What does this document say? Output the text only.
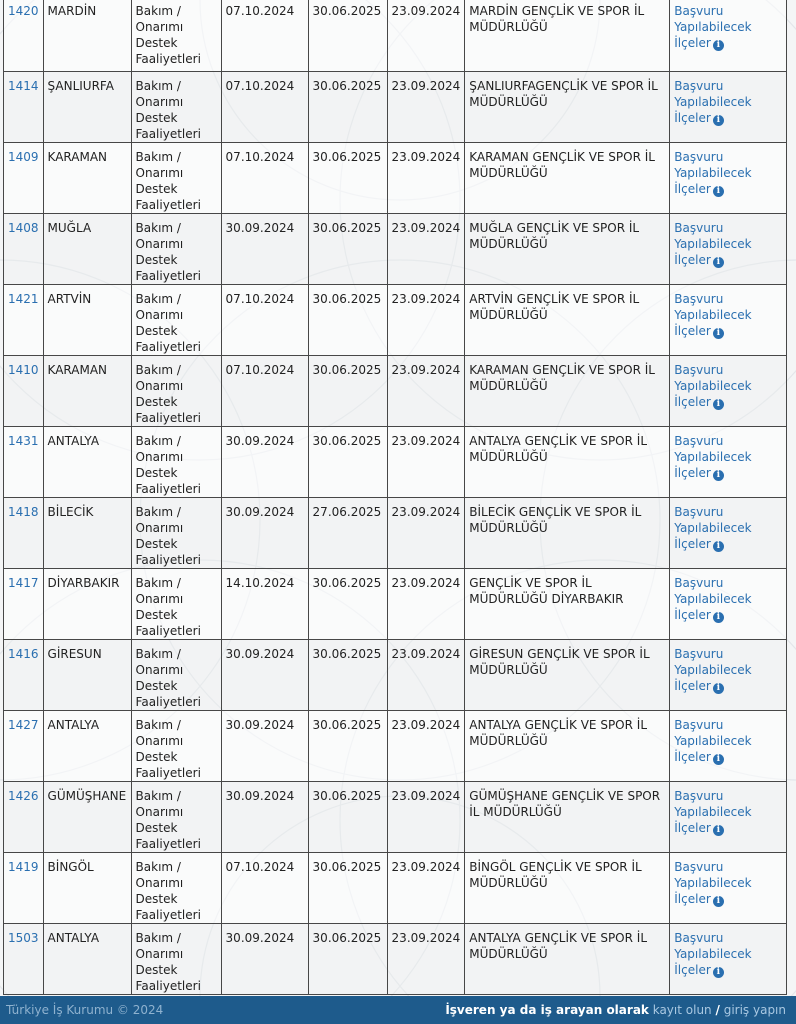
1420	MARDİN	Bakım / Onarımı Destek Faaliyetleri	07.10.2024	30.06.2025	23.09.2024	MARDİN GENÇLİK VE SPOR İL MÜDÜRLÜĞÜ	Başvuru Yapılabilecek İlçeler i
1414	ŞANLIURFA	Bakım / Onarımı Destek Faaliyetleri	07.10.2024	30.06.2025	23.09.2024	ŞANLIURFAGENÇLİK VE SPOR İL MÜDÜRLÜĞÜ	Başvuru Yapılabilecek İlçeler i
1409	KARAMAN	Bakım / Onarımı Destek Faaliyetleri	07.10.2024	30.06.2025	23.09.2024	KARAMAN GENÇLİK VE SPOR İL MÜDÜRLÜĞÜ	Başvuru Yapılabilecek İlçeler i
1408	MUĞLA	Bakım / Onarımı Destek Faaliyetleri	30.09.2024	30.06.2025	23.09.2024	MUĞLA GENÇLİK VE SPOR İL MÜDÜRLÜĞÜ	Başvuru Yapılabilecek İlçeler i
1421	ARTVİN	Bakım / Onarımı Destek Faaliyetleri	07.10.2024	30.06.2025	23.09.2024	ARTVİN GENÇLİK VE SPOR İL MÜDÜRLÜĞÜ	Başvuru Yapılabilecek İlçeler i
1410	KARAMAN	Bakım / Onarımı Destek Faaliyetleri	07.10.2024	30.06.2025	23.09.2024	KARAMAN GENÇLİK VE SPOR İL MÜDÜRLÜĞÜ	Başvuru Yapılabilecek İlçeler i
1431	ANTALYA	Bakım / Onarımı Destek Faaliyetleri	30.09.2024	30.06.2025	23.09.2024	ANTALYA GENÇLİK VE SPOR İL MÜDÜRLÜĞÜ	Başvuru Yapılabilecek İlçeler i
1418	BİLECİK	Bakım / Onarımı Destek Faaliyetleri	30.09.2024	27.06.2025	23.09.2024	BİLECİK GENÇLİK VE SPOR İL MÜDÜRLÜĞÜ	Başvuru Yapılabilecek İlçeler i
1417	DİYARBAKIR	Bakım / Onarımı Destek Faaliyetleri	14.10.2024	30.06.2025	23.09.2024	GENÇLİK VE SPOR İL MÜDÜRLÜĞÜ DİYARBAKIR	Başvuru Yapılabilecek İlçeler i
1416	GİRESUN	Bakım / Onarımı Destek Faaliyetleri	30.09.2024	30.06.2025	23.09.2024	GİRESUN GENÇLİK VE SPOR İL MÜDÜRLÜĞÜ	Başvuru Yapılabilecek İlçeler i
1427	ANTALYA	Bakım / Onarımı Destek Faaliyetleri	30.09.2024	30.06.2025	23.09.2024	ANTALYA GENÇLİK VE SPOR İL MÜDÜRLÜĞÜ	Başvuru Yapılabilecek İlçeler i
1426	GÜMÜŞHANE	Bakım / Onarımı Destek Faaliyetleri	30.09.2024	30.06.2025	23.09.2024	GÜMÜŞHANE GENÇLİK VE SPOR İL MÜDÜRLÜĞÜ	Başvuru Yapılabilecek İlçeler i
1419	BİNGÖL	Bakım / Onarımı Destek Faaliyetleri	07.10.2024	30.06.2025	23.09.2024	BİNGÖL GENÇLİK VE SPOR İL MÜDÜRLÜĞÜ	Başvuru Yapılabilecek İlçeler i
1503	ANTALYA	Bakım / Onarımı Destek Faaliyetleri	30.09.2024	30.06.2025	23.09.2024	ANTALYA GENÇLİK VE SPOR İL MÜDÜRLÜĞÜ	Başvuru Yapılabilecek İlçeler i
Türkiye İş Kurumu © 2024	İşveren ya da iş arayan olarak kayıt olun / giriş yapın
